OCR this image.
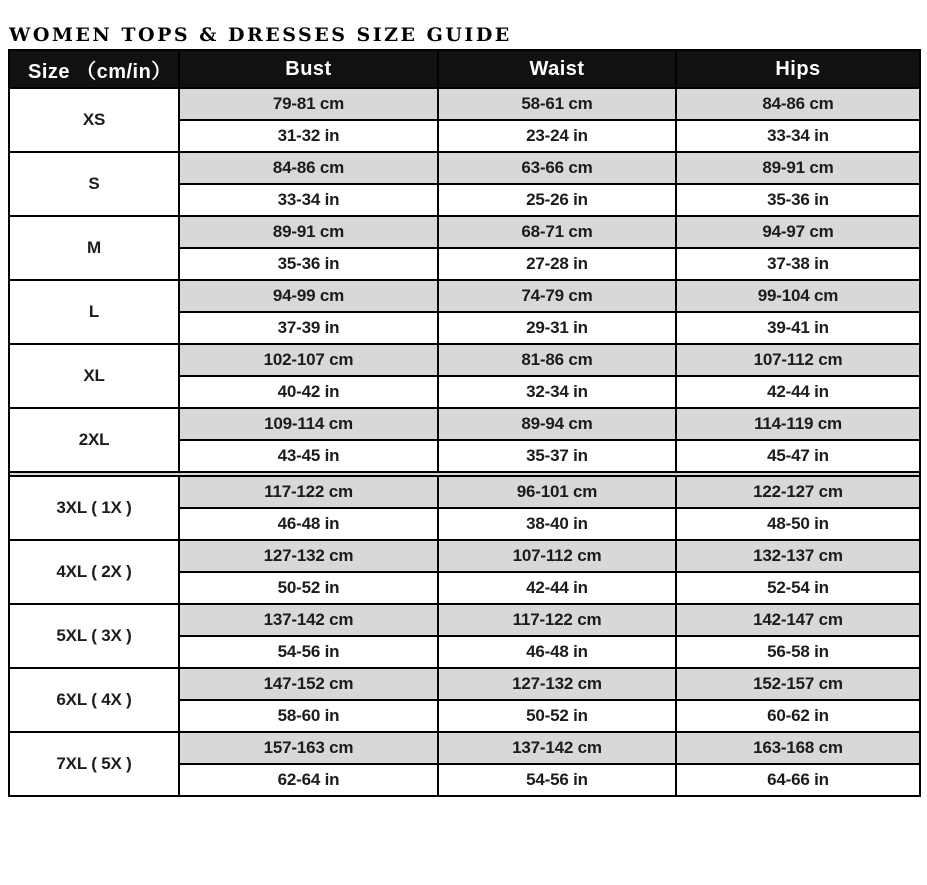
WOMEN TOPS & DRESSES SIZE GUIDE
Size （cm/in）	Bust	Waist	Hips
XS	79-81 cm	58-61 cm	84-86 cm
	31-32 in	23-24 in	33-34 in
S	84-86 cm	63-66 cm	89-91 cm
	33-34 in	25-26 in	35-36 in
M	89-91 cm	68-71 cm	94-97 cm
	35-36 in	27-28 in	37-38 in
L	94-99 cm	74-79 cm	99-104 cm
	37-39 in	29-31 in	39-41 in
XL	102-107 cm	81-86 cm	107-112 cm
	40-42 in	32-34 in	42-44 in
2XL	109-114 cm	89-94 cm	114-119 cm
	43-45 in	35-37 in	45-47 in

3XL ( 1X )	117-122 cm	96-101 cm	122-127 cm
	46-48 in	38-40 in	48-50 in
4XL ( 2X )	127-132 cm	107-112 cm	132-137 cm
	50-52 in	42-44 in	52-54 in
5XL ( 3X )	137-142 cm	117-122 cm	142-147 cm
	54-56 in	46-48 in	56-58 in
6XL ( 4X )	147-152 cm	127-132 cm	152-157 cm
	58-60 in	50-52 in	60-62 in
7XL ( 5X )	157-163 cm	137-142 cm	163-168 cm
	62-64 in	54-56 in	64-66 in
